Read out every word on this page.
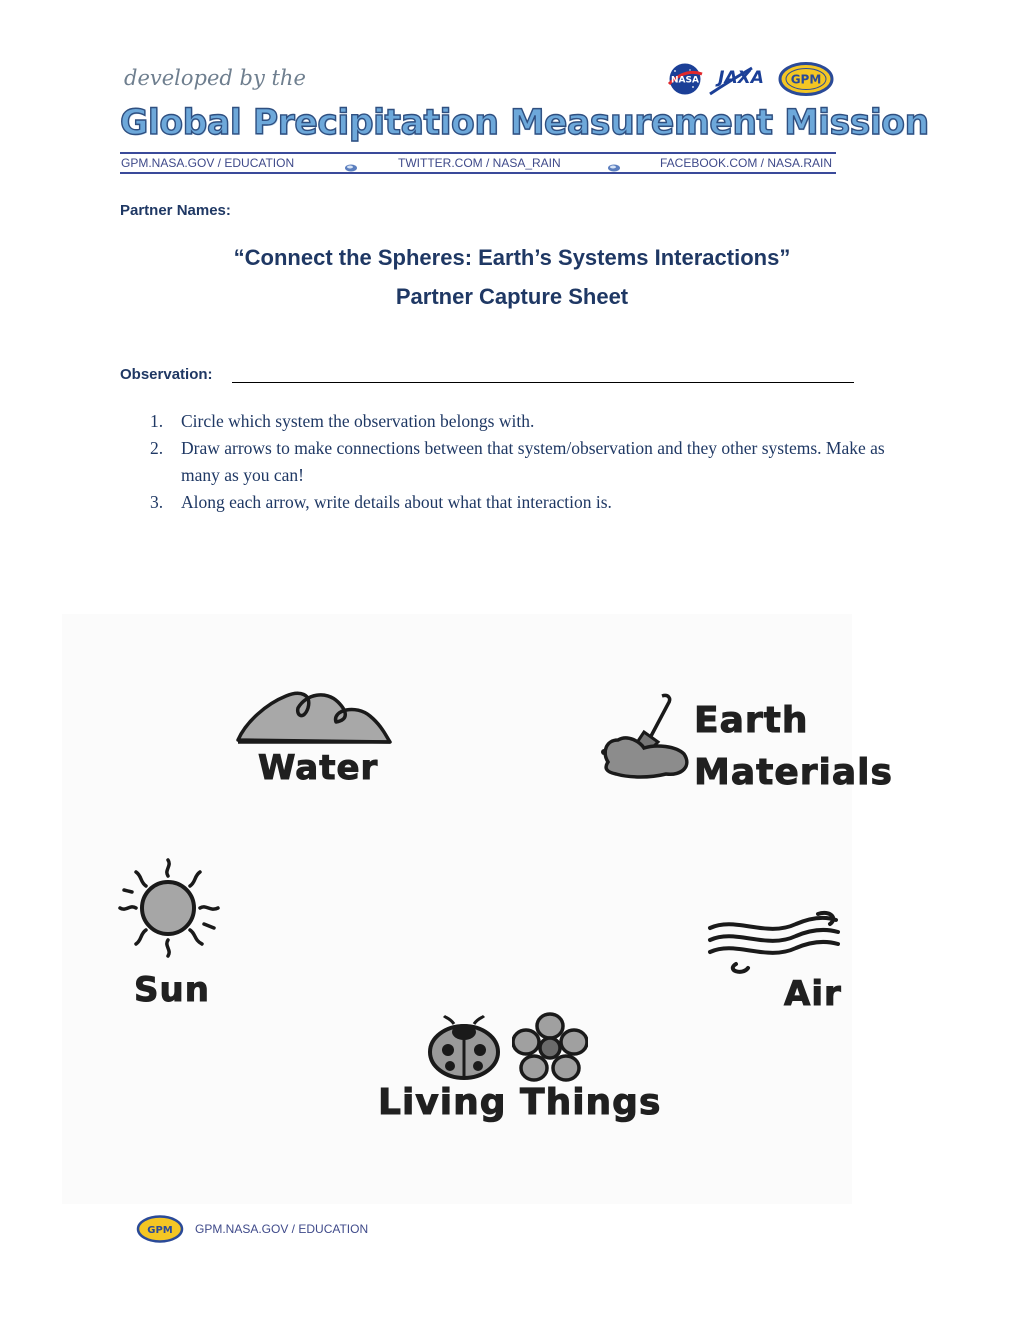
developed by the
Global Precipitation Measurement Mission
NASA JAXA GPM
GPM.NASA.GOV / EDUCATION	TWITTER.COM / NASA_RAIN	FACEBOOK.COM / NASA.RAIN
Partner Names:
“Connect the Spheres: Earth’s Systems Interactions”
Partner Capture Sheet
Observation:
1. Circle which system the observation belongs with.
2. Draw arrows to make connections between that system/observation and they other systems. Make as many as you can!
3. Along each arrow, write details about what that interaction is.
Water
Earth
Materials
Sun	Air
Living Things
GPM GPM.NASA.GOV / EDUCATION
